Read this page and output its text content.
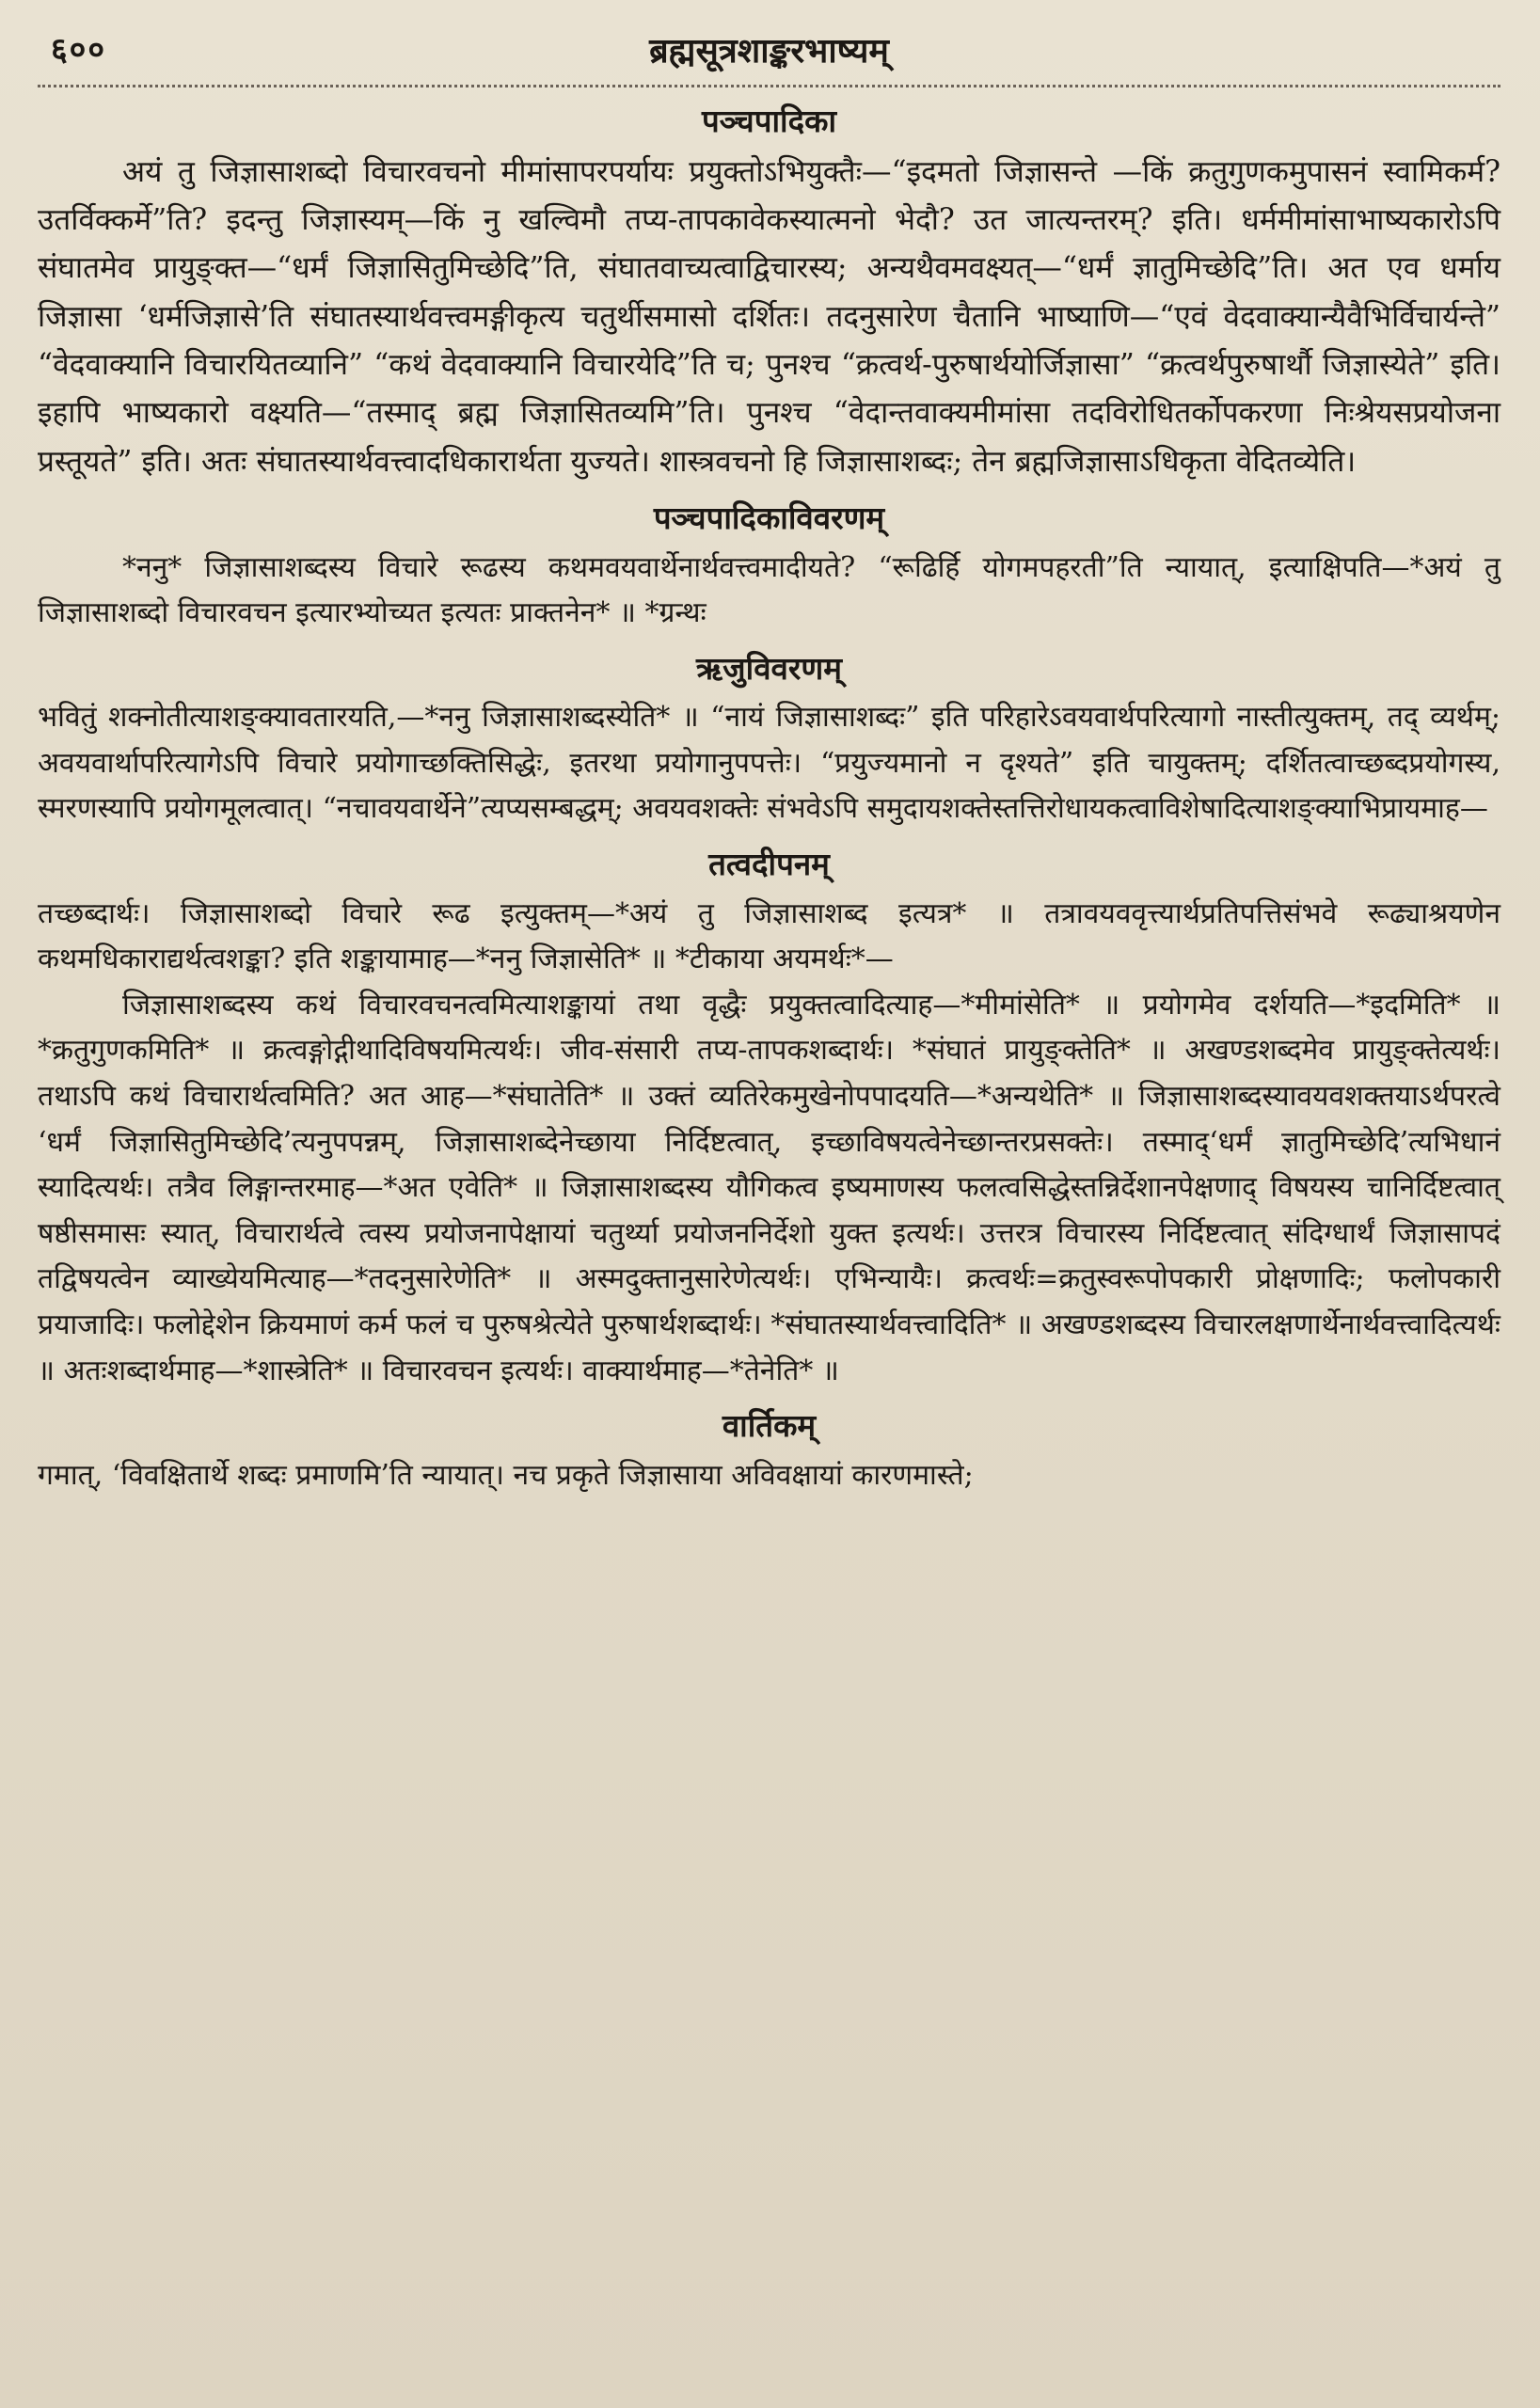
६००	ब्रह्मसूत्रशाङ्करभाष्यम्
पञ्चपादिका

अयं तु जिज्ञासाशब्दो विचारवचनो मीमांसापरपर्यायः प्रयुक्तोऽभियुक्तैः—“इदमतो जिज्ञासन्ते —किं क्रतुगुणकमुपासनं स्वामिकर्म? उतर्विक्कर्मे”ति? इदन्तु जिज्ञास्यम्—किं नु खल्विमौ तप्य-तापकावेकस्यात्मनो भेदौ? उत जात्यन्तरम्? इति। धर्ममीमांसाभाष्यकारोऽपि संघातमेव प्रायुङ्क्त—“धर्मं जिज्ञासितुमिच्छेदि”ति, संघातवाच्यत्वाद्विचारस्य; अन्यथैवमवक्ष्यत्—“धर्मं ज्ञातुमिच्छेदि”ति। अत एव धर्माय जिज्ञासा ‘धर्मजिज्ञासे’ति संघातस्यार्थवत्त्वमङ्गीकृत्य चतुर्थीसमासो दर्शितः। तदनुसारेण चैतानि भाष्याणि—“एवं वेदवाक्यान्यैवैभिर्विचार्यन्ते” “वेदवाक्यानि विचारयितव्यानि” “कथं वेदवाक्यानि विचारयेदि”ति च; पुनश्च “क्रत्वर्थ-पुरुषार्थयोर्जिज्ञासा” “क्रत्वर्थपुरुषार्थौ जिज्ञास्येते” इति। इहापि भाष्यकारो वक्ष्यति—“तस्माद् ब्रह्म जिज्ञासितव्यमि”ति। पुनश्च “वेदान्तवाक्यमीमांसा तदविरोधितर्कोपकरणा निःश्रेयसप्रयोजना प्रस्तूयते” इति। अतः संघातस्यार्थवत्त्वादधिकारार्थता युज्यते। शास्त्रवचनो हि जिज्ञासाशब्दः; तेन ब्रह्मजिज्ञासाऽधिकृता वेदितव्येति।

पञ्चपादिकाविवरणम्

*ननु* जिज्ञासाशब्दस्य विचारे रूढस्य कथमवयवार्थेनार्थवत्त्वमादीयते? “रूढिर्हि योगमपहरती”ति न्यायात्, इत्याक्षिपति—*अयं तु जिज्ञासाशब्दो विचारवचन इत्यारभ्योच्यत इत्यतः प्राक्तनेन* ॥ *ग्रन्थः

ऋजुविवरणम्

भवितुं शक्नोतीत्याशङ्क्यावतारयति,—*ननु जिज्ञासाशब्दस्येति* ॥ “नायं जिज्ञासाशब्दः” इति परिहारेऽवयवार्थपरित्यागो नास्तीत्युक्तम्, तद् व्यर्थम्; अवयवार्थापरित्यागेऽपि विचारे प्रयोगाच्छक्तिसिद्धेः, इतरथा प्रयोगानुपपत्तेः। “प्रयुज्यमानो न दृश्यते” इति चायुक्तम्; दर्शितत्वाच्छब्दप्रयोगस्य, स्मरणस्यापि प्रयोगमूलत्वात्। “नचावयवार्थेने”त्यप्यसम्बद्धम्; अवयवशक्तेः संभवेऽपि समुदायशक्तेस्तत्तिरोधायकत्वाविशेषादित्याशङ्क्याभिप्रायमाह—

तत्वदीपनम्

तच्छब्दार्थः। जिज्ञासाशब्दो विचारे रूढ इत्युक्तम्—*अयं तु जिज्ञासाशब्द इत्यत्र* ॥ तत्रावयववृत्त्यार्थप्रतिपत्तिसंभवे रूढ्याश्रयणेन कथमधिकाराद्यर्थत्वशङ्का? इति शङ्कायामाह—*ननु जिज्ञासेति* ॥ *टीकाया अयमर्थः*—

जिज्ञासाशब्दस्य कथं विचारवचनत्वमित्याशङ्कायां तथा वृद्धैः प्रयुक्तत्वादित्याह—*मीमांसेति* ॥ प्रयोगमेव दर्शयति—*इदमिति* ॥ *क्रतुगुणकमिति* ॥ क्रत्वङ्गोद्गीथादिविषयमित्यर्थः। जीव-संसारी तप्य-तापकशब्दार्थः। *संघातं प्रायुङ्क्तेति* ॥ अखण्डशब्दमेव प्रायुङ्क्तेत्यर्थः। तथाऽपि कथं विचारार्थत्वमिति? अत आह—*संघातेति* ॥ उक्तं व्यतिरेकमुखेनोपपादयति—*अन्यथेति* ॥ जिज्ञासाशब्दस्यावयवशक्तयाऽर्थपरत्वे ‘धर्मं जिज्ञासितुमिच्छेदि’त्यनुपपन्नम्, जिज्ञासाशब्देनेच्छाया निर्दिष्टत्वात्, इच्छाविषयत्वेनेच्छान्तरप्रसक्तेः। तस्माद्‘धर्मं ज्ञातुमिच्छेदि’त्यभिधानं स्यादित्यर्थः। तत्रैव लिङ्गान्तरमाह—*अत एवेति* ॥ जिज्ञासाशब्दस्य यौगिकत्व इष्यमाणस्य फलत्वसिद्धेस्तन्निर्देशानपेक्षणाद् विषयस्य चानिर्दिष्टत्वात् षष्ठीसमासः स्यात्, विचारार्थत्वे त्वस्य प्रयोजनापेक्षायां चतुर्थ्या प्रयोजननिर्देशो युक्त इत्यर्थः। उत्तरत्र विचारस्य निर्दिष्टत्वात् संदिग्धार्थं जिज्ञासापदं तद्विषयत्वेन व्याख्येयमित्याह—*तदनुसारेणेति* ॥ अस्मदुक्तानुसारेणेत्यर्थः। एभिन्यायैः। क्रत्वर्थः=क्रतुस्वरूपोपकारी प्रोक्षणादिः; फलोपकारी प्रयाजादिः। फलोद्देशेन क्रियमाणं कर्म फलं च पुरुषश्रेत्येते पुरुषार्थशब्दार्थः। *संघातस्यार्थवत्त्वादिति* ॥ अखण्डशब्दस्य विचारलक्षणार्थेनार्थवत्त्वादित्यर्थः ॥ अतःशब्दार्थमाह—*शास्त्रेति* ॥ विचारवचन इत्यर्थः। वाक्यार्थमाह—*तेनेति* ॥

वार्तिकम्

गमात्, ‘विवक्षितार्थे शब्दः प्रमाणमि’ति न्यायात्। नच प्रकृते जिज्ञासाया अविवक्षायां कारणमास्ते;
